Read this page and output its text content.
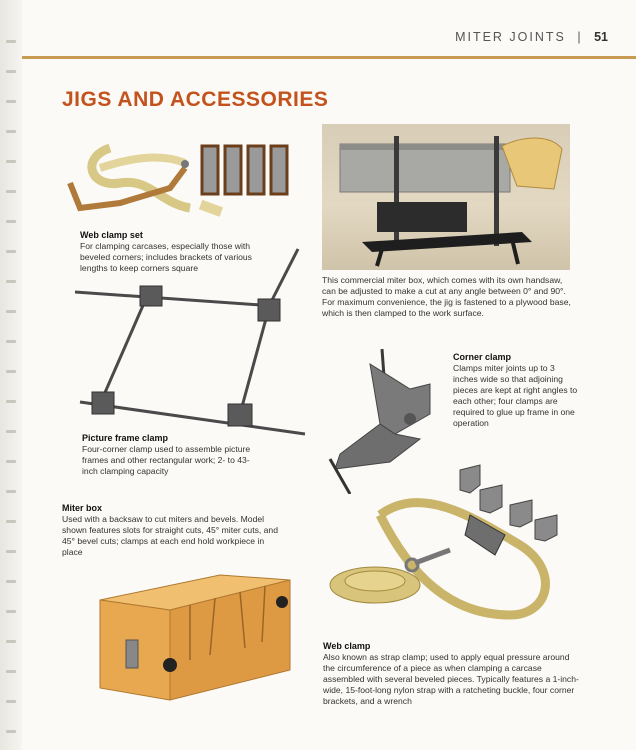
MITER JOINTS | 51
JIGS AND ACCESSORIES
Web clamp set
For clamping carcases, especially those with beveled corners; includes brackets of various lengths to keep corners square
This commercial miter box, which comes with its own handsaw, can be adjusted to make a cut at any angle between 0° and 90°. For maximum convenience, the jig is fastened to a plywood base, which is then clamped to the work surface.
Picture frame clamp
Four-corner clamp used to assemble picture frames and other rectangular work; 2- to 43-inch clamping capacity
Corner clamp
Clamps miter joints up to 3 inches wide so that adjoining pieces are kept at right angles to each other; four clamps are required to glue up frame in one operation
Miter box
Used with a backsaw to cut miters and bevels. Model shown features slots for straight cuts, 45° miter cuts, and 45° bevel cuts; clamps at each end hold workpiece in place
Web clamp
Also known as strap clamp; used to apply equal pressure around the circumference of a piece as when clamping a carcase assembled with several beveled pieces. Typically features a 1-inch-wide, 15-foot-long nylon strap with a ratcheting buckle, four corner brackets, and a wrench
